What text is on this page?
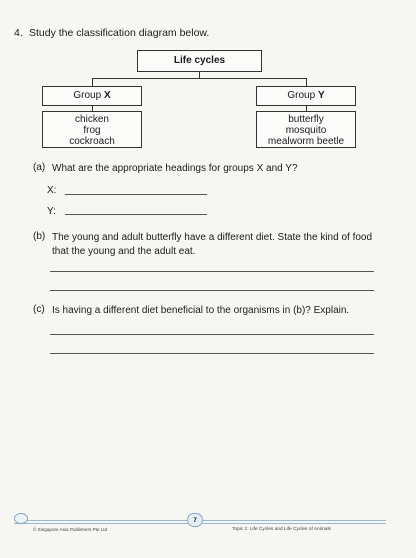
4. Study the classification diagram below.
Life cycles
Group X
chicken
frog
cockroach
Group Y
butterfly
mosquito
mealworm beetle
(a) What are the appropriate headings for groups X and Y?
X:
Y:
(b) The young and adult butterfly have a different diet. State the kind of food that the young and the adult eat.
(c) Is having a different diet beneficial to the organisms in (b)? Explain.
7
© Singapore Asia Publishers Pte Ltd	Topic 1: Life Cycles and Life Cycles of Animals
